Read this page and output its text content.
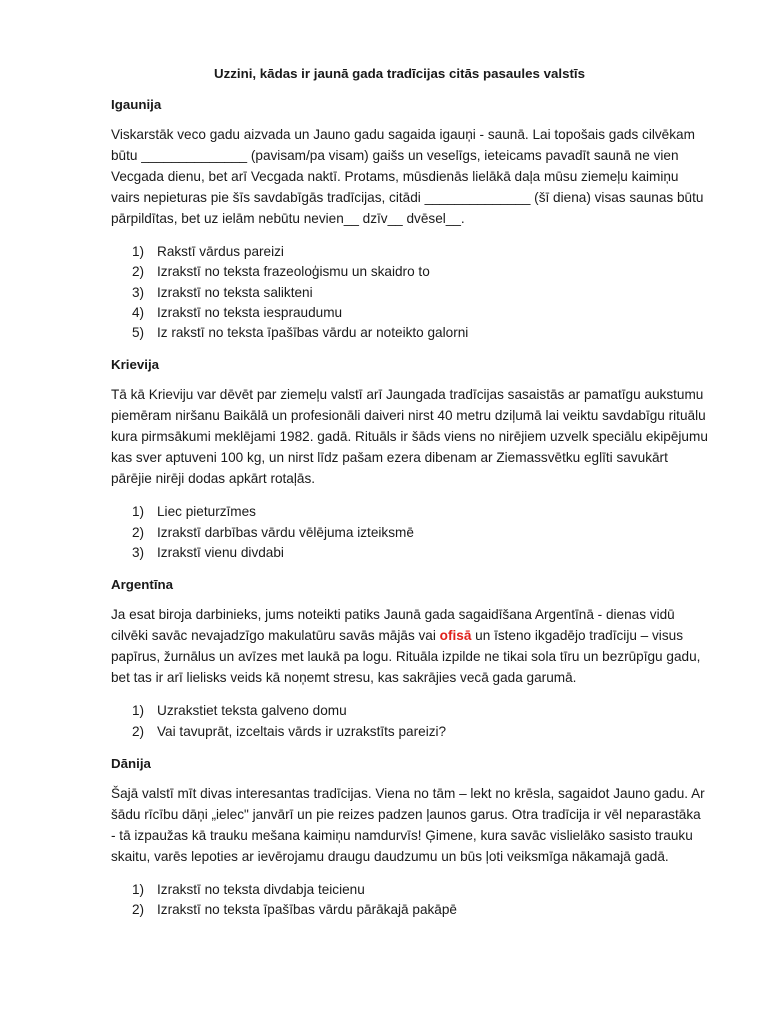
Uzzini, kādas ir jaunā gada tradīcijas citās pasaules valstīs
Igaunija

Viskarstāk veco gadu aizvada un Jauno gadu sagaida igauņi - saunā. Lai topošais gads cilvēkam būtu ______________ (pavisam/pa visam) gaišs un veselīgs, ieteicams pavadīt saunā ne vien Vecgada dienu, bet arī Vecgada naktī. Protams, mūsdienās lielākā daļa mūsu ziemeļu kaimiņu vairs nepieturas pie šīs savdabīgās tradīcijas, citādi ______________ (šī diena) visas saunas būtu pārpildītas, bet uz ielām nebūtu nevien__ dzīv__ dvēsel__.

1) Rakstī vārdus pareizi
2) Izrakstī no teksta frazeoloģismu un skaidro to
3) Izrakstī no teksta salikteni
4) Izrakstī no teksta iespraudumu
5) Iz rakstī no teksta īpašības vārdu ar noteikto galorni
Krievija

Tā kā Krieviju var dēvēt par ziemeļu valstī arī Jaungada tradīcijas sasaistās ar pamatīgu aukstumu piemēram niršanu Baikālā un profesionāli daiveri nirst 40 metru dziļumā lai veiktu savdabīgu rituālu kura pirmsākumi meklējami 1982. gadā. Rituāls ir šāds viens no nirējiem uzvelk speciālu ekipējumu kas sver aptuveni 100 kg, un nirst līdz pašam ezera dibenam ar Ziemassvētku eglīti savukārt pārējie nirēji dodas apkārt rotaļās.

1) Liec pieturzīmes
2) Izrakstī darbības vārdu vēlējuma izteiksmē
3) Izrakstī vienu divdabi
Argentīna

Ja esat biroja darbinieks, jums noteikti patiks Jaunā gada sagaidīšana Argentīnā - dienas vidū cilvēki savāc nevajadzīgo makulatūru savās mājās vai ofisā un īsteno ikgadējo tradīciju – visus papīrus, žurnālus un avīzes met laukā pa logu. Rituāla izpilde ne tikai sola tīru un bezrūpīgu gadu, bet tas ir arī lielisks veids kā noņemt stresu, kas sakrājies vecā gada garumā.

1) Uzrakstiet teksta galveno domu
2) Vai tavuprāt, izceltais vārds ir uzrakstīts pareizi?
Dānija

Šajā valstī mīt divas interesantas tradīcijas. Viena no tām – lekt no krēsla, sagaidot Jauno gadu. Ar šādu rīcību dāņi „ielec" janvārī un pie reizes padzen ļaunos garus. Otra tradīcija ir vēl neparastāka - tā izpaužas kā trauku mešana kaimiņu namdurvīs! Ģimene, kura savāc vislielāko sasisto trauku skaitu, varēs lepoties ar ievērojamu draugu daudzumu un būs ļoti veiksmīga nākamajā gadā.

1) Izrakstī no teksta divdabja teicienu
2) Izrakstī no teksta īpašības vārdu pārākajā pakāpē
